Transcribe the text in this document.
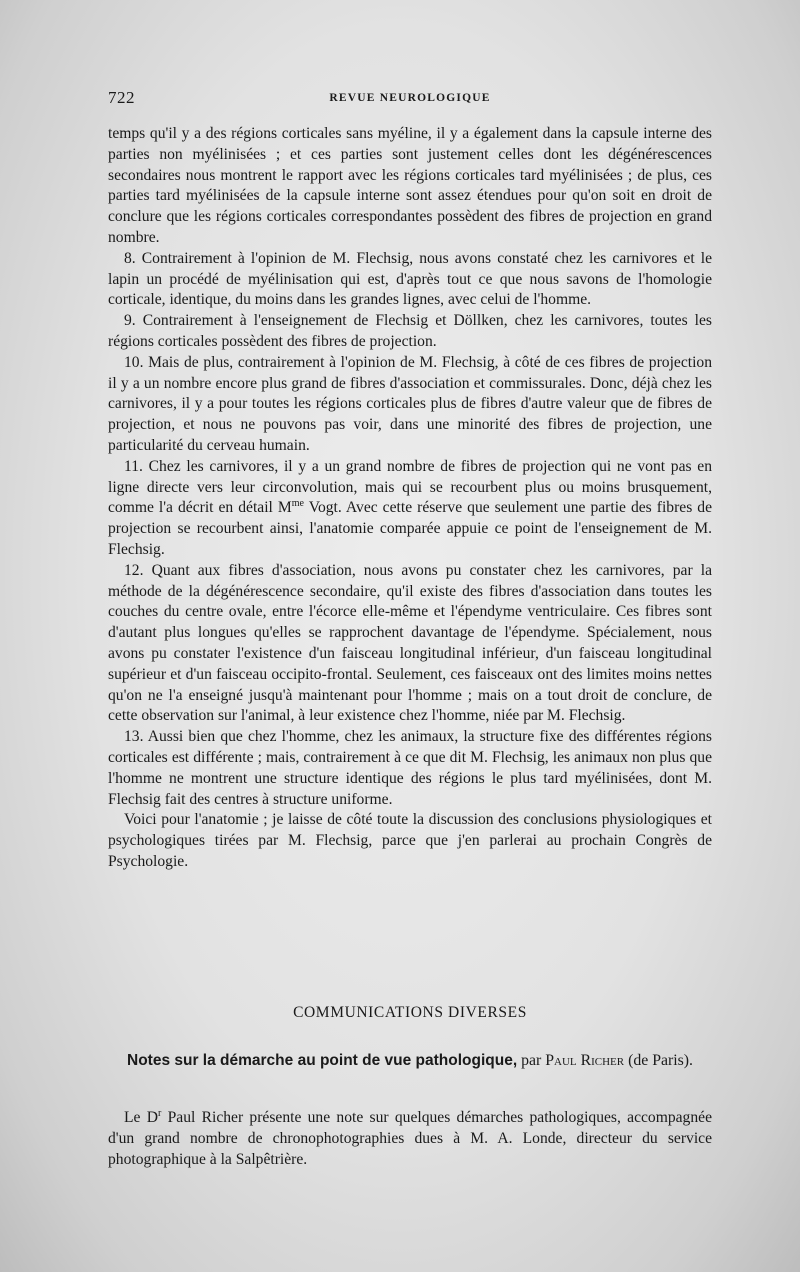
722	REVUE NEUROLOGIQUE

temps qu'il y a des régions corticales sans myéline, il y a également dans la capsule interne des parties non myélinisées ; et ces parties sont justement celles dont les dégénérescences secondaires nous montrent le rapport avec les régions corticales tard myélinisées ; de plus, ces parties tard myélinisées de la capsule interne sont assez étendues pour qu'on soit en droit de conclure que les régions corticales correspondantes possèdent des fibres de projection en grand nombre.

8. Contrairement à l'opinion de M. Flechsig, nous avons constaté chez les carnivores et le lapin un procédé de myélinisation qui est, d'après tout ce que nous savons de l'homologie corticale, identique, du moins dans les grandes lignes, avec celui de l'homme.

9. Contrairement à l'enseignement de Flechsig et Döllken, chez les carnivores, toutes les régions corticales possèdent des fibres de projection.

10. Mais de plus, contrairement à l'opinion de M. Flechsig, à côté de ces fibres de projection il y a un nombre encore plus grand de fibres d'association et commissurales. Donc, déjà chez les carnivores, il y a pour toutes les régions corticales plus de fibres d'autre valeur que de fibres de projection, et nous ne pouvons pas voir, dans une minorité des fibres de projection, une particularité du cerveau humain.

11. Chez les carnivores, il y a un grand nombre de fibres de projection qui ne vont pas en ligne directe vers leur circonvolution, mais qui se recourbent plus ou moins brusquement, comme l'a décrit en détail $M^{me}$ Vogt. Avec cette réserve que seulement une partie des fibres de projection se recourbent ainsi, l'anatomie comparée appuie ce point de l'enseignement de M. Flechsig.

12. Quant aux fibres d'association, nous avons pu constater chez les carnivores, par la méthode de la dégénérescence secondaire, qu'il existe des fibres d'association dans toutes les couches du centre ovale, entre l'écorce elle-même et l'épendyme ventriculaire. Ces fibres sont d'autant plus longues qu'elles se rapprochent davantage de l'épendyme. Spécialement, nous avons pu constater l'existence d'un faisceau longitudinal inférieur, d'un faisceau longitudinal supérieur et d'un faisceau occipito-frontal. Seulement, ces faisceaux ont des limites moins nettes qu'on ne l'a enseigné jusqu'à maintenant pour l'homme ; mais on a tout droit de conclure, de cette observation sur l'animal, à leur existence chez l'homme, niée par M. Flechsig.

13. Aussi bien que chez l'homme, chez les animaux, la structure fixe des différentes régions corticales est différente ; mais, contrairement à ce que dit M. Flechsig, les animaux non plus que l'homme ne montrent une structure identique des régions le plus tard myélinisées, dont M. Flechsig fait des centres à structure uniforme.

Voici pour l'anatomie ; je laisse de côté toute la discussion des conclusions physiologiques et psychologiques tirées par M. Flechsig, parce que j'en parlerai au prochain Congrès de Psychologie.

COMMUNICATIONS DIVERSES
Notes sur la démarche au point de vue pathologique, par Paul Richer (de Paris).

Le $D^r$ Paul Richer présente une note sur quelques démarches pathologiques, accompagnée d'un grand nombre de chronophotographies dues à M. A. Londe, directeur du service photographique à la Salpêtrière.
